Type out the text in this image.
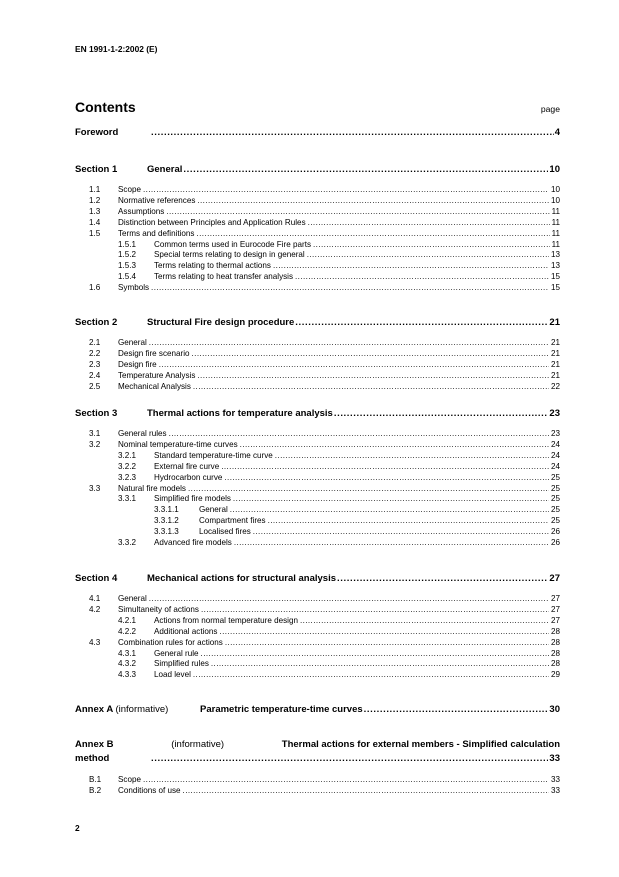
EN 1991-1-2:2002 (E)
Contents	page
Foreword .....	4
Section 1	General .....	10
1.1 Scope .....	10
1.2 Normative references .....	10
1.3 Assumptions .....	11
1.4 Distinction between Principles and Application Rules .....	11
1.5 Terms and definitions .....	11
1.5.1 Common terms used in Eurocode Fire parts .....	11
1.5.2 Special terms relating to design in general .....	13
1.5.3 Terms relating to thermal actions .....	13
1.5.4 Terms relating to heat transfer analysis .....	15
1.6 Symbols .....	15
Section 2	Structural Fire design procedure .....	21
2.1 General .....	21
2.2 Design fire scenario .....	21
2.3 Design fire .....	21
2.4 Temperature Analysis .....	21
2.5 Mechanical Analysis .....	22
Section 3	Thermal actions for temperature analysis .....	23
3.1 General rules .....	23
3.2 Nominal temperature-time curves .....	24
3.2.1 Standard temperature-time curve .....	24
3.2.2 External fire curve .....	24
3.2.3 Hydrocarbon curve .....	25
3.3 Natural fire models .....	25
3.3.1 Simplified fire models .....	25
3.3.1.1 General .....	25
3.3.1.2 Compartment fires .....	25
3.3.1.3 Localised fires .....	26
3.3.2 Advanced fire models .....	26
Section 4	Mechanical actions for structural analysis .....	27
4.1 General .....	27
4.2 Simultaneity of actions .....	27
4.2.1 Actions from normal temperature design .....	27
4.2.2 Additional actions .....	28
4.3 Combination rules for actions .....	28
4.3.1 General rule .....	28
4.3.2 Simplified rules .....	28
4.3.3 Load level .....	29
Annex A (informative)	Parametric temperature-time curves .....	30
Annex B	(informative)	Thermal actions for external members - Simplified calculation
method .....	33
B.1 Scope .....	33
B.2 Conditions of use .....	33
2
